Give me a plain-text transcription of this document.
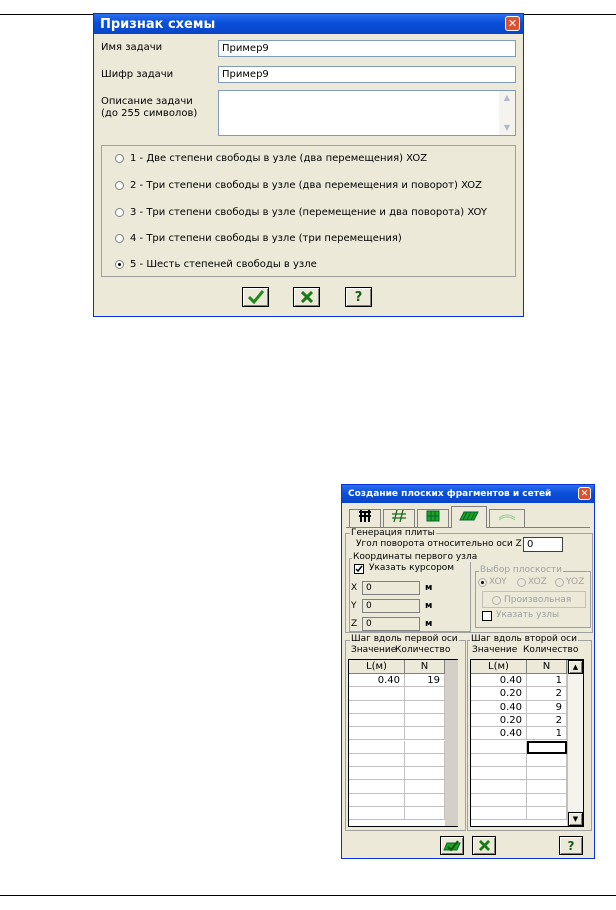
Признак схемы	✕
Имя задачи	Пример9
Шифр задачи	Пример9
Описание задачи
(до 255 символов)
▲
▼
1 - Две степени свободы в узле (два перемещения) XOZ
2 - Три степени свободы в узле (два перемещения и поворот) XOZ
3 - Три степени свободы в узле (перемещение и два поворота) XOY
4 - Три степени свободы в узле (три перемещения)
5 - Шесть степеней свободы в узле
?
Создание плоских фрагментов и сетей	✕
Генерация плиты
Угол поворота относительно оси Z 0
Координаты первого узла
Указать курсором
X 0	м
Y	0	м
Z 0	м
Выбор плоскости
XOY XOZ YOZ
Произвольная
Указать узлы
Шаг вдоль первой оси
Значение
Количество
L(м)	N
0.40	19
Шаг вдоль второй оси
Значение Количество
L(м)	N	▲
▼
0.40	1
0.20	2
0.40	9
0.20	2
0.40	1
?
